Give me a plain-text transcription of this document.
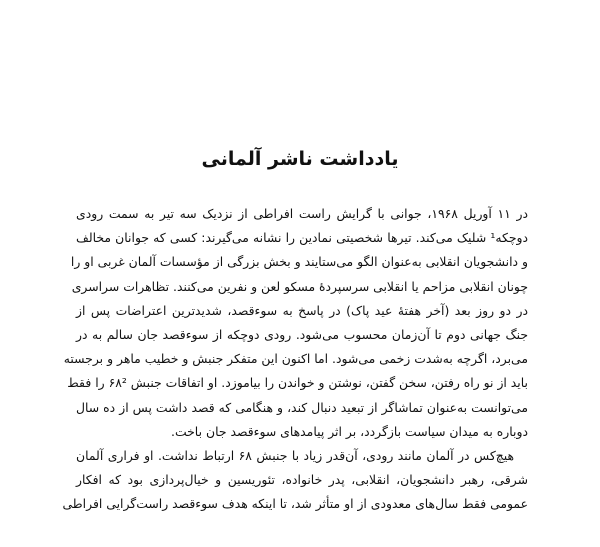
یادداشت ناشر آلمانی
در ۱۱ آوریل ۱۹۶۸، جوانی با گرایش راست افراطی از نزدیک سه تیر به سمت رودی
دوچکه¹ شلیک می‌کند. تیرها شخصیتی نمادین را نشانه می‌گیرند: کسی که جوانان مخالف
و دانشجویان انقلابی به‌عنوان الگو می‌ستایند و بخش بزرگی از مؤسسات آلمان غربی او را
چونان انقلابی مزاحم یا انقلابی سرسپردهٔ مسکو لعن و نفرین می‌کنند. تظاهرات سراسری
در دو روز بعد (آخر هفتهٔ عید پاک) در پاسخ به سوءقصد، شدیدترین اعتراضات پس از
جنگ جهانی دوم تا آن‌زمان محسوب می‌شود. رودی دوچکه از سوءقصد جان سالم به در
می‌برد، اگرچه به‌شدت زخمی می‌شود. اما اکنون این متفکر جنبش و خطیب ماهر و برجسته
باید از نو راه رفتن، سخن گفتن، نوشتن و خواندن را بیاموزد. او اتفاقات جنبش ۶۸² را فقط
می‌توانست به‌عنوان تماشاگر از تبعید دنبال کند، و هنگامی که قصد داشت پس از ده سال
دوباره به میدان سیاست بازگردد، بر اثر پیامدهای سوءقصد جان باخت.
هیچ‌کس در آلمان مانند رودی، آن‌قدر زیاد با جنبش ۶۸ ارتباط نداشت. او فراری آلمان
شرقی، رهبر دانشجویان، انقلابی، پدر خانواده، تئوریسین و خیال‌پردازی بود که افکار
عمومی فقط سال‌های معدودی از او متأثر شد، تا اینکه هدف سوءقصد راست‌گرایی افراطی
